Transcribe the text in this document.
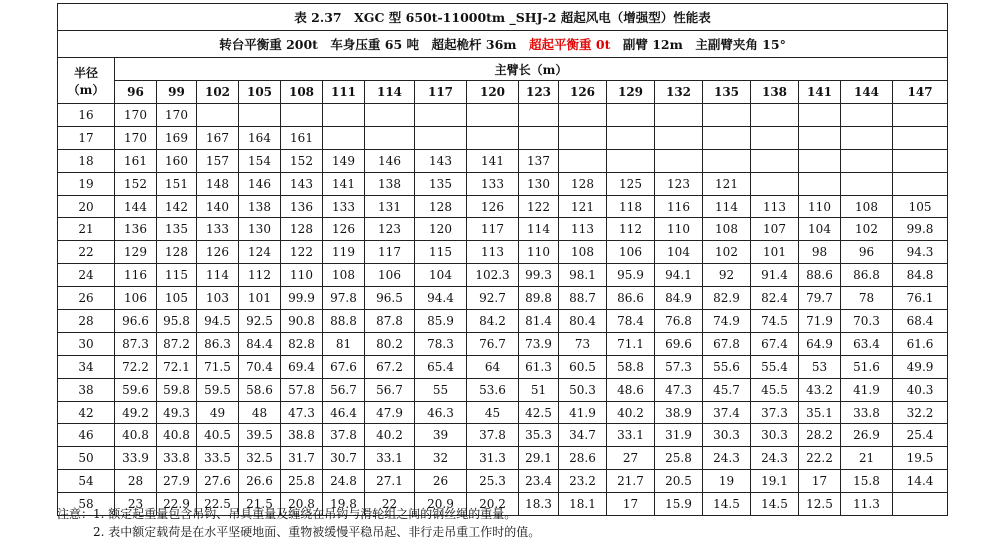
表 2.37　XGC 型 650t-11000tm _SHJ-2 超起风电（增强型）性能表																		
转台平衡重 200t　车身压重 65 吨　超起桅杆 36m　超起平衡重 0t　副臂 12m　主副臂夹角 15°																		
半径
（m）	主臂长（m）																	
	96	99	102	105	108	111	114	117	120	123	126	129	132	135	138	141	144	147
16	170	170																
17	170	169	167	164	161													
18	161	160	157	154	152	149	146	143	141	137								
19	152	151	148	146	143	141	138	135	133	130	128	125	123	121				
20	144	142	140	138	136	133	131	128	126	122	121	118	116	114	113	110	108	105
21	136	135	133	130	128	126	123	120	117	114	113	112	110	108	107	104	102	99.8
22	129	128	126	124	122	119	117	115	113	110	108	106	104	102	101	98	96	94.3
24	116	115	114	112	110	108	106	104	102.3	99.3	98.1	95.9	94.1	92	91.4	88.6	86.8	84.8
26	106	105	103	101	99.9	97.8	96.5	94.4	92.7	89.8	88.7	86.6	84.9	82.9	82.4	79.7	78	76.1
28	96.6	95.8	94.5	92.5	90.8	88.8	87.8	85.9	84.2	81.4	80.4	78.4	76.8	74.9	74.5	71.9	70.3	68.4
30	87.3	87.2	86.3	84.4	82.8	81	80.2	78.3	76.7	73.9	73	71.1	69.6	67.8	67.4	64.9	63.4	61.6
34	72.2	72.1	71.5	70.4	69.4	67.6	67.2	65.4	64	61.3	60.5	58.8	57.3	55.6	55.4	53	51.6	49.9
38	59.6	59.8	59.5	58.6	57.8	56.7	56.7	55	53.6	51	50.3	48.6	47.3	45.7	45.5	43.2	41.9	40.3
42	49.2	49.3	49	48	47.3	46.4	47.9	46.3	45	42.5	41.9	40.2	38.9	37.4	37.3	35.1	33.8	32.2
46	40.8	40.8	40.5	39.5	38.8	37.8	40.2	39	37.8	35.3	34.7	33.1	31.9	30.3	30.3	28.2	26.9	25.4
50	33.9	33.8	33.5	32.5	31.7	30.7	33.1	32	31.3	29.1	28.6	27	25.8	24.3	24.3	22.2	21	19.5
54	28	27.9	27.6	26.6	25.8	24.8	27.1	26	25.3	23.4	23.2	21.7	20.5	19	19.1	17	15.8	14.4
58	23	22.9	22.5	21.5	20.8	19.8	22	20.9	20.2	18.3	18.1	17	15.9	14.5	14.5	12.5	11.3	
注意：1. 额定起重量包含吊钩、吊具重量及缠绕在吊钩与滑轮组之间的钢丝绳的重量。
2. 表中额定载荷是在水平坚硬地面、重物被缓慢平稳吊起、非行走吊重工作时的值。
